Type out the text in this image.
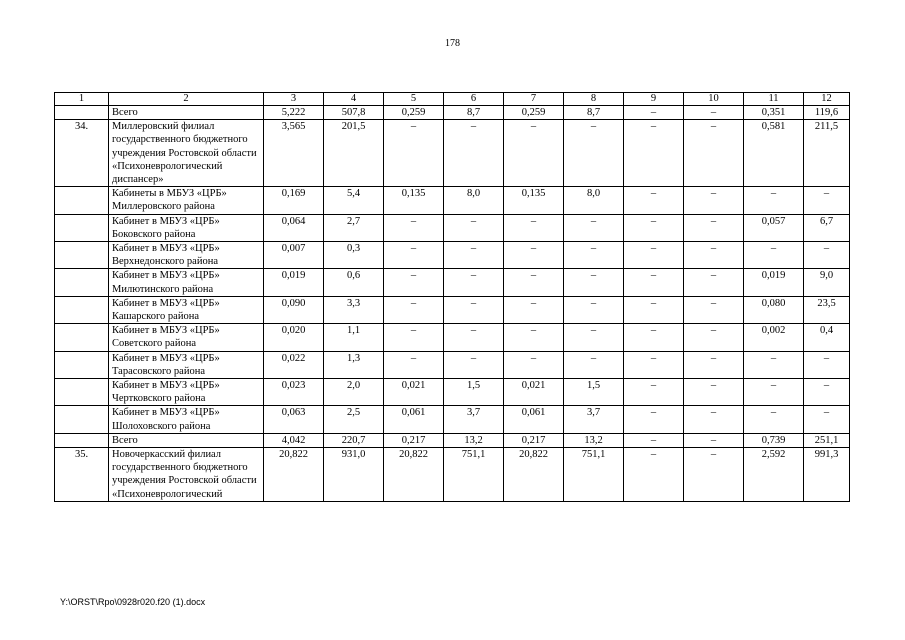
178
1	2	3	4	5	6	7	8	9	10	11	12
	Всего	5,222	507,8	0,259	8,7	0,259	8,7	–	–	0,351	119,6
34.	Миллеровский филиал государственного бюджетного учреждения Ростовской области «Психоневрологический диспансер»	3,565	201,5	–	–	–	–	–	–	0,581	211,5
	Кабинеты в МБУЗ «ЦРБ» Миллеровского района	0,169	5,4	0,135	8,0	0,135	8,0	–	–	–	–
	Кабинет в МБУЗ «ЦРБ» Боковского района	0,064	2,7	–	–	–	–	–	–	0,057	6,7
	Кабинет в МБУЗ «ЦРБ» Верхнедонского района	0,007	0,3	–	–	–	–	–	–	–	–
	Кабинет в МБУЗ «ЦРБ» Милютинского района	0,019	0,6	–	–	–	–	–	–	0,019	9,0
	Кабинет в МБУЗ «ЦРБ» Кашарского района	0,090	3,3	–	–	–	–	–	–	0,080	23,5
	Кабинет в МБУЗ «ЦРБ» Советского района	0,020	1,1	–	–	–	–	–	–	0,002	0,4
	Кабинет в МБУЗ «ЦРБ» Тарасовского района	0,022	1,3	–	–	–	–	–	–	–	–
	Кабинет в МБУЗ «ЦРБ» Чертковского района	0,023	2,0	0,021	1,5	0,021	1,5	–	–	–	–
	Кабинет в МБУЗ «ЦРБ» Шолоховского района	0,063	2,5	0,061	3,7	0,061	3,7	–	–	–	–
	Всего	4,042	220,7	0,217	13,2	0,217	13,2	–	–	0,739	251,1
35.	Новочеркасский филиал государственного бюджетного учреждения Ростовской области «Психоневрологический	20,822	931,0	20,822	751,1	20,822	751,1	–	–	2,592	991,3
Y:\ORST\Rpo\0928r020.f20 (1).docx
